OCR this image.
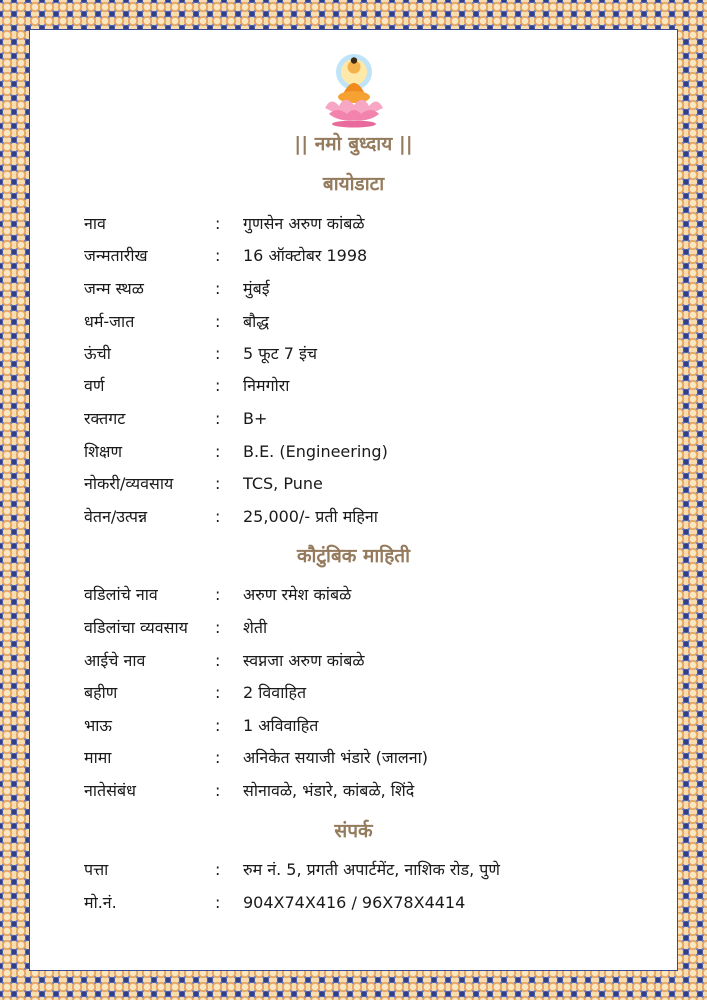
|| नमो बुध्दाय ||
बायोडाटा
नाव	: गुणसेन अरुण कांबळे
जन्मतारीख	: 16 ऑक्टोबर 1998
जन्म स्थळ	: मुंबई
धर्म-जात	: बौद्ध
ऊंची	: 5 फूट 7 इंच
वर्ण	: निमगोरा
रक्तगट	: B+
शिक्षण	: B.E. (Engineering)
नोकरी/व्यवसाय	: TCS, Pune
वेतन/उत्पन्न	: 25,000/- प्रती महिना
कौटुंबिक माहिती
वडिलांचे नाव	: अरुण रमेश कांबळे
वडिलांचा व्यवसाय : शेती
आईचे नाव	: स्वप्नजा अरुण कांबळे
बहीण	: 2 विवाहित
भाऊ	: 1 अविवाहित
मामा	: अनिकेत सयाजी भंडारे (जालना)
नातेसंबंध	: सोनावळे, भंडारे, कांबळे, शिंदे
संपर्क
पत्ता	: रुम नं. 5, प्रगती अपार्टमेंट, नाशिक रोड, पुणे
मो.नं.	: 904X74X416 / 96X78X4414
